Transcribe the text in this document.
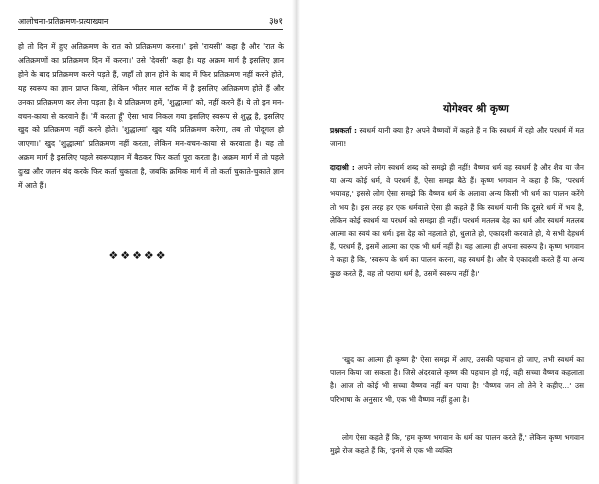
आलोचना-प्रतिक्रमण-प्रत्याख्यान	३७१

हो तो दिन में हुए अतिक्रमण के रात को प्रतिक्रमण करना।' इसे 'रायसी' कहा है और 'रात के अतिक्रमणों का प्रतिक्रमण दिन में करना।' उसे 'देवसी' कहा है। यह अक्रम मार्ग है इसलिए ज्ञान होने के बाद प्रतिक्रमण करने पड़ते हैं, जहाँ तो ज्ञान होने के बाद में फिर प्रतिक्रमण नहीं करने होते, यह स्वरूप का ज्ञान प्राप्त किया, लेकिन भीतर माल स्टॉक में है इसलिए अतिक्रमण होते हैं और उनका प्रतिक्रमण कर लेना पड़ता है। ये प्रतिक्रमण हमें, 'शुद्धात्मा' को, नहीं करने हैं। ये तो इन मन-वचन-काया से करवाने हैं। 'मैं करता हूँ' ऐसा भाव निकल गया इसलिए स्वरूप से शुद्ध है, इसलिए खुद को प्रतिक्रमण नहीं करने होते। 'शुद्धात्मा' खुद यदि प्रतिक्रमण करेगा, तब तो पोदूगल हो जाएगा।' खुद 'शुद्धात्मा' प्रतिक्रमण नहीं करता, लेकिन मन-वचन-काया से करवाता है। यह तो अक्रम मार्ग है इसलिए पहले स्वरूपज्ञान में बैठकर फिर कर्ता पूरा करता है। अक्रम मार्ग में तो पहले दुःख और जलन बंद करके फिर कर्ता चुकाता है, जबकि क्रमिक मार्ग में तो कर्ता चुकाते-चुकाते ज्ञान में आते हैं।

❖❖❖❖❖
योगेश्वर श्री कृष्ण

प्रश्नकर्ता : स्वधर्म यानी क्या है? अपने वैष्णवों में कहते हैं न कि स्वधर्म में रहो और परधर्म में मत जाना!

दादाश्री : अपने लोग स्वधर्म शब्द को समझे ही नहीं! वैष्णव धर्म वह स्वधर्म है और शैव या जैन या अन्य कोई धर्म, वे परधर्म हैं, ऐसा समझ बैठे हैं। कृष्ण भगवान ने कहा है कि, 'परधर्म भयावह,' इससे लोग ऐसा समझे कि वैष्णव धर्म के अलावा अन्य किसी भी धर्म का पालन करेंगे तो भय है। इस तरह हर एक धर्मवाले ऐसा ही कहते हैं कि स्वधर्म यानी कि दूसरे धर्म में भय है, लेकिन कोई स्वधर्म या परधर्म को समझा ही नहीं। परधर्म मतलब देह का धर्म और स्वधर्म मतलब आत्मा का स्वयं का धर्म। इस देह को नहलाते हो, धुलाते हो, एकादशी करवाते हो, ये सभी देहधर्म हैं, परधर्म हैं, इसमें आत्मा का एक भी धर्म नहीं है। यह आत्मा ही अपना स्वरूप है। कृष्ण भगवान ने कहा है कि, 'स्वरूप के धर्म का पालन करना, वह स्वधर्म है। और ये एकादशी करते हैं या अन्य कुछ करते हैं, वह तो पराया धर्म है, उसमें स्वरूप नहीं है।'

'खुद का आत्मा ही कृष्ण है' ऐसा समझ में आए, उसकी पहचान हो जाए, तभी स्वधर्म का पालन किया जा सकता है। जिसे अंदरवाले कृष्ण की पहचान हो गई, वही सच्चा वैष्णव कहलाता है। आज तो कोई भी सच्चा वैष्णव नहीं बन पाया है! 'वैष्णव जन तो तेने रे कहीए...' उस परिभाषा के अनुसार भी, एक भी वैष्णव नहीं हुआ है।

लोग ऐसा कहते हैं कि, 'हम कृष्ण भगवान के धर्म का पालन करते हैं,' लेकिन कृष्ण भगवान मुझे रोज कहते हैं कि, 'इनमें से एक भी व्यक्ति
